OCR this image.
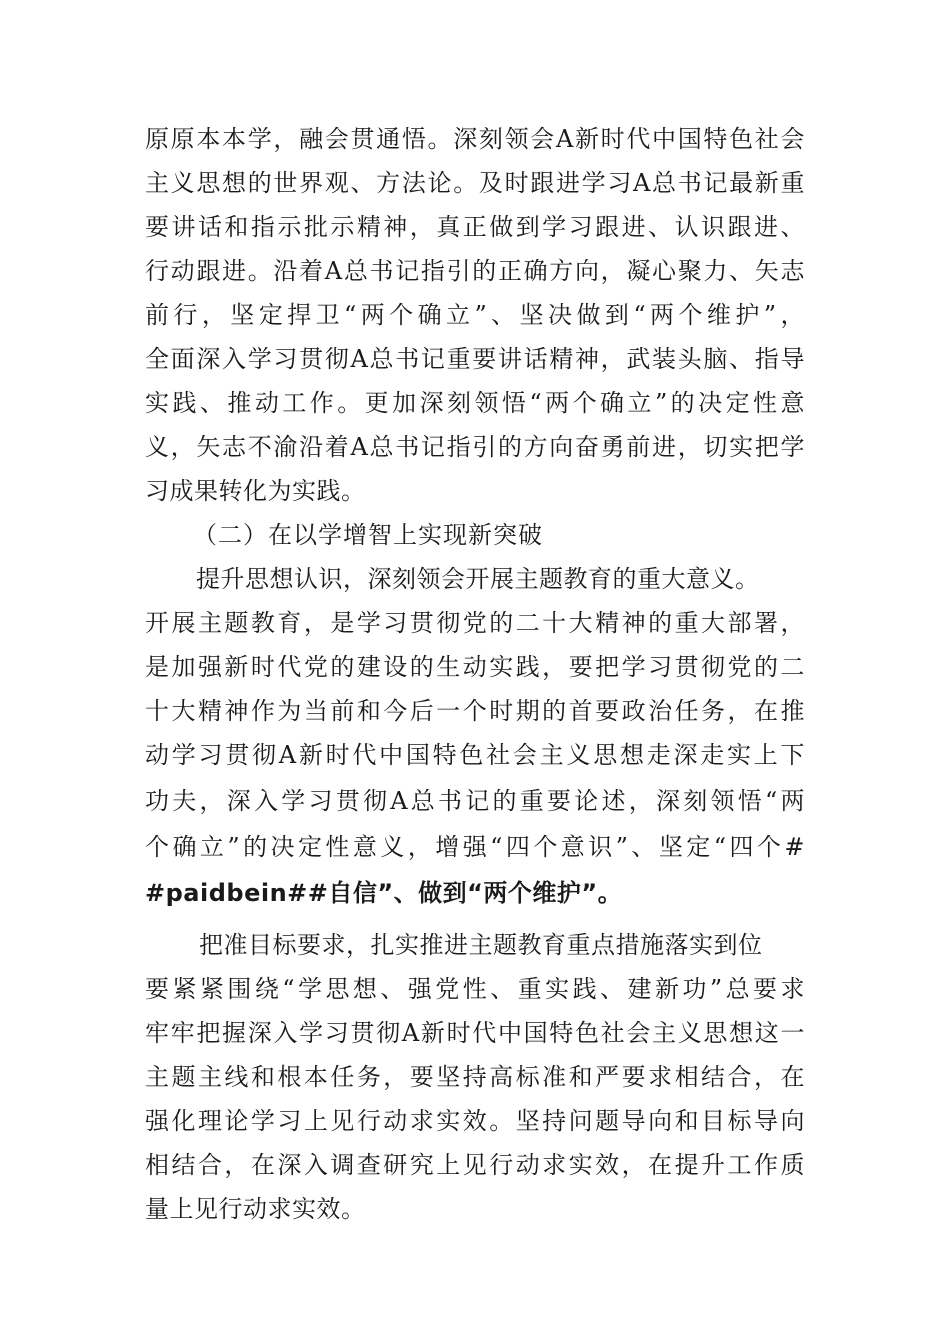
原原本本学，融会贯通悟。深刻领会A新时代中国特色社会
主义思想的世界观、方法论。及时跟进学习A总书记最新重
要讲话和指示批示精神，真正做到学习跟进、认识跟进、
行动跟进。沿着A总书记指引的正确方向，凝心聚力、矢志
前行，坚定捍卫“两个确立”、坚决做到“两个维护”，
全面深入学习贯彻A总书记重要讲话精神，武装头脑、指导
实践、推动工作。更加深刻领悟“两个确立”的决定性意
义，矢志不渝沿着A总书记指引的方向奋勇前进，切实把学
习成果转化为实践。
（二）在以学增智上实现新突破
提升思想认识，深刻领会开展主题教育的重大意义。
开展主题教育，是学习贯彻党的二十大精神的重大部署，
是加强新时代党的建设的生动实践，要把学习贯彻党的二
十大精神作为当前和今后一个时期的首要政治任务，在推
动学习贯彻A新时代中国特色社会主义思想走深走实上下
功夫，深入学习贯彻A总书记的重要论述，深刻领悟“两
个确立”的决定性意义，增强“四个意识”、坚定“四个#
#paidbein##自信”、做到“两个维护”。
把准目标要求，扎实推进主题教育重点措施落实到位
要紧紧围绕“学思想、强党性、重实践、建新功”总要求
牢牢把握深入学习贯彻A新时代中国特色社会主义思想这一
主题主线和根本任务，要坚持高标准和严要求相结合，在
强化理论学习上见行动求实效。坚持问题导向和目标导向
相结合，在深入调查研究上见行动求实效，在提升工作质
量上见行动求实效。
